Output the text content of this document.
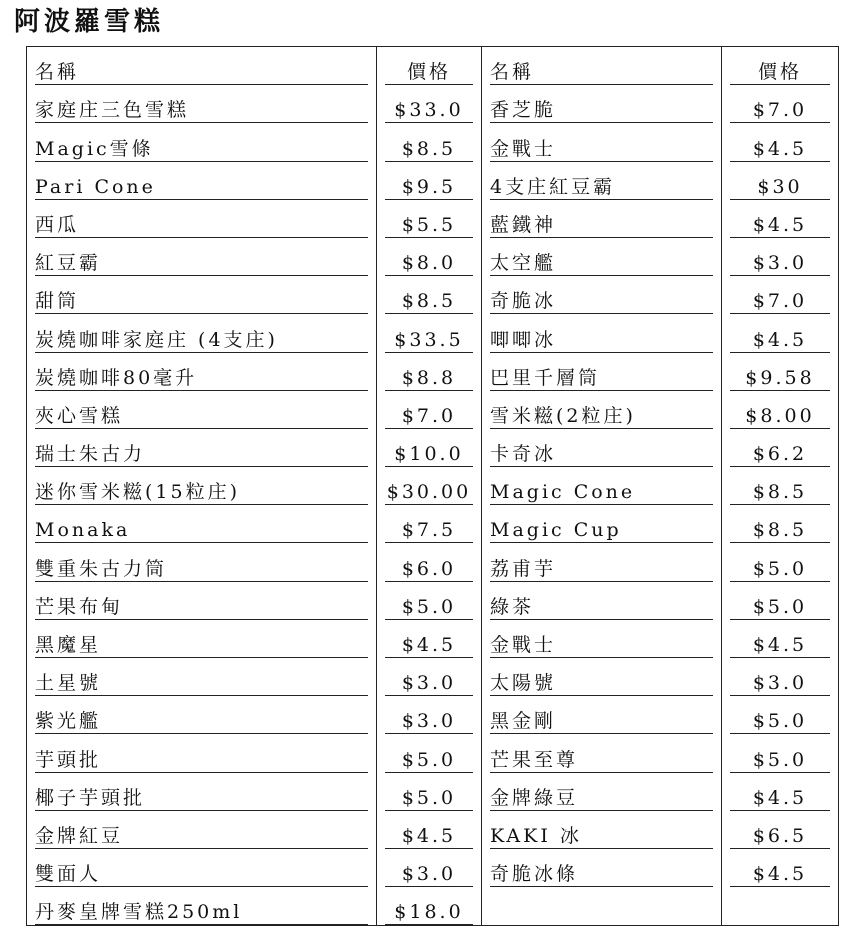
阿波羅雪糕
名稱	價格	名稱	價格
家庭庄三色雪糕	$33.0	香芝脆	$7.0
Magic雪條	$8.5	金戰士	$4.5
Pari Cone	$9.5	4支庄紅豆霸	$30
西瓜	$5.5	藍鐵神	$4.5
紅豆霸	$8.0	太空艦	$3.0
甜筒	$8.5	奇脆冰	$7.0
炭燒咖啡家庭庄 (4支庄)	$33.5	唧唧冰	$4.5
炭燒咖啡80毫升	$8.8	巴里千層筒	$9.58
夾心雪糕	$7.0	雪米糍(2粒庄)	$8.00
瑞士朱古力	$10.0	卡奇冰	$6.2
迷你雪米糍(15粒庄)	$30.00	Magic Cone	$8.5
Monaka	$7.5	Magic Cup	$8.5
雙重朱古力筒	$6.0	荔甫芋	$5.0
芒果布甸	$5.0	綠茶	$5.0
黑魔星	$4.5	金戰士	$4.5
土星號	$3.0	太陽號	$3.0
紫光艦	$3.0	黑金剛	$5.0
芋頭批	$5.0	芒果至尊	$5.0
椰子芋頭批	$5.0	金牌綠豆	$4.5
金牌紅豆	$4.5	KAKI 冰	$6.5
雙面人	$3.0	奇脆冰條	$4.5
丹麥皇牌雪糕250ml	$18.0		
